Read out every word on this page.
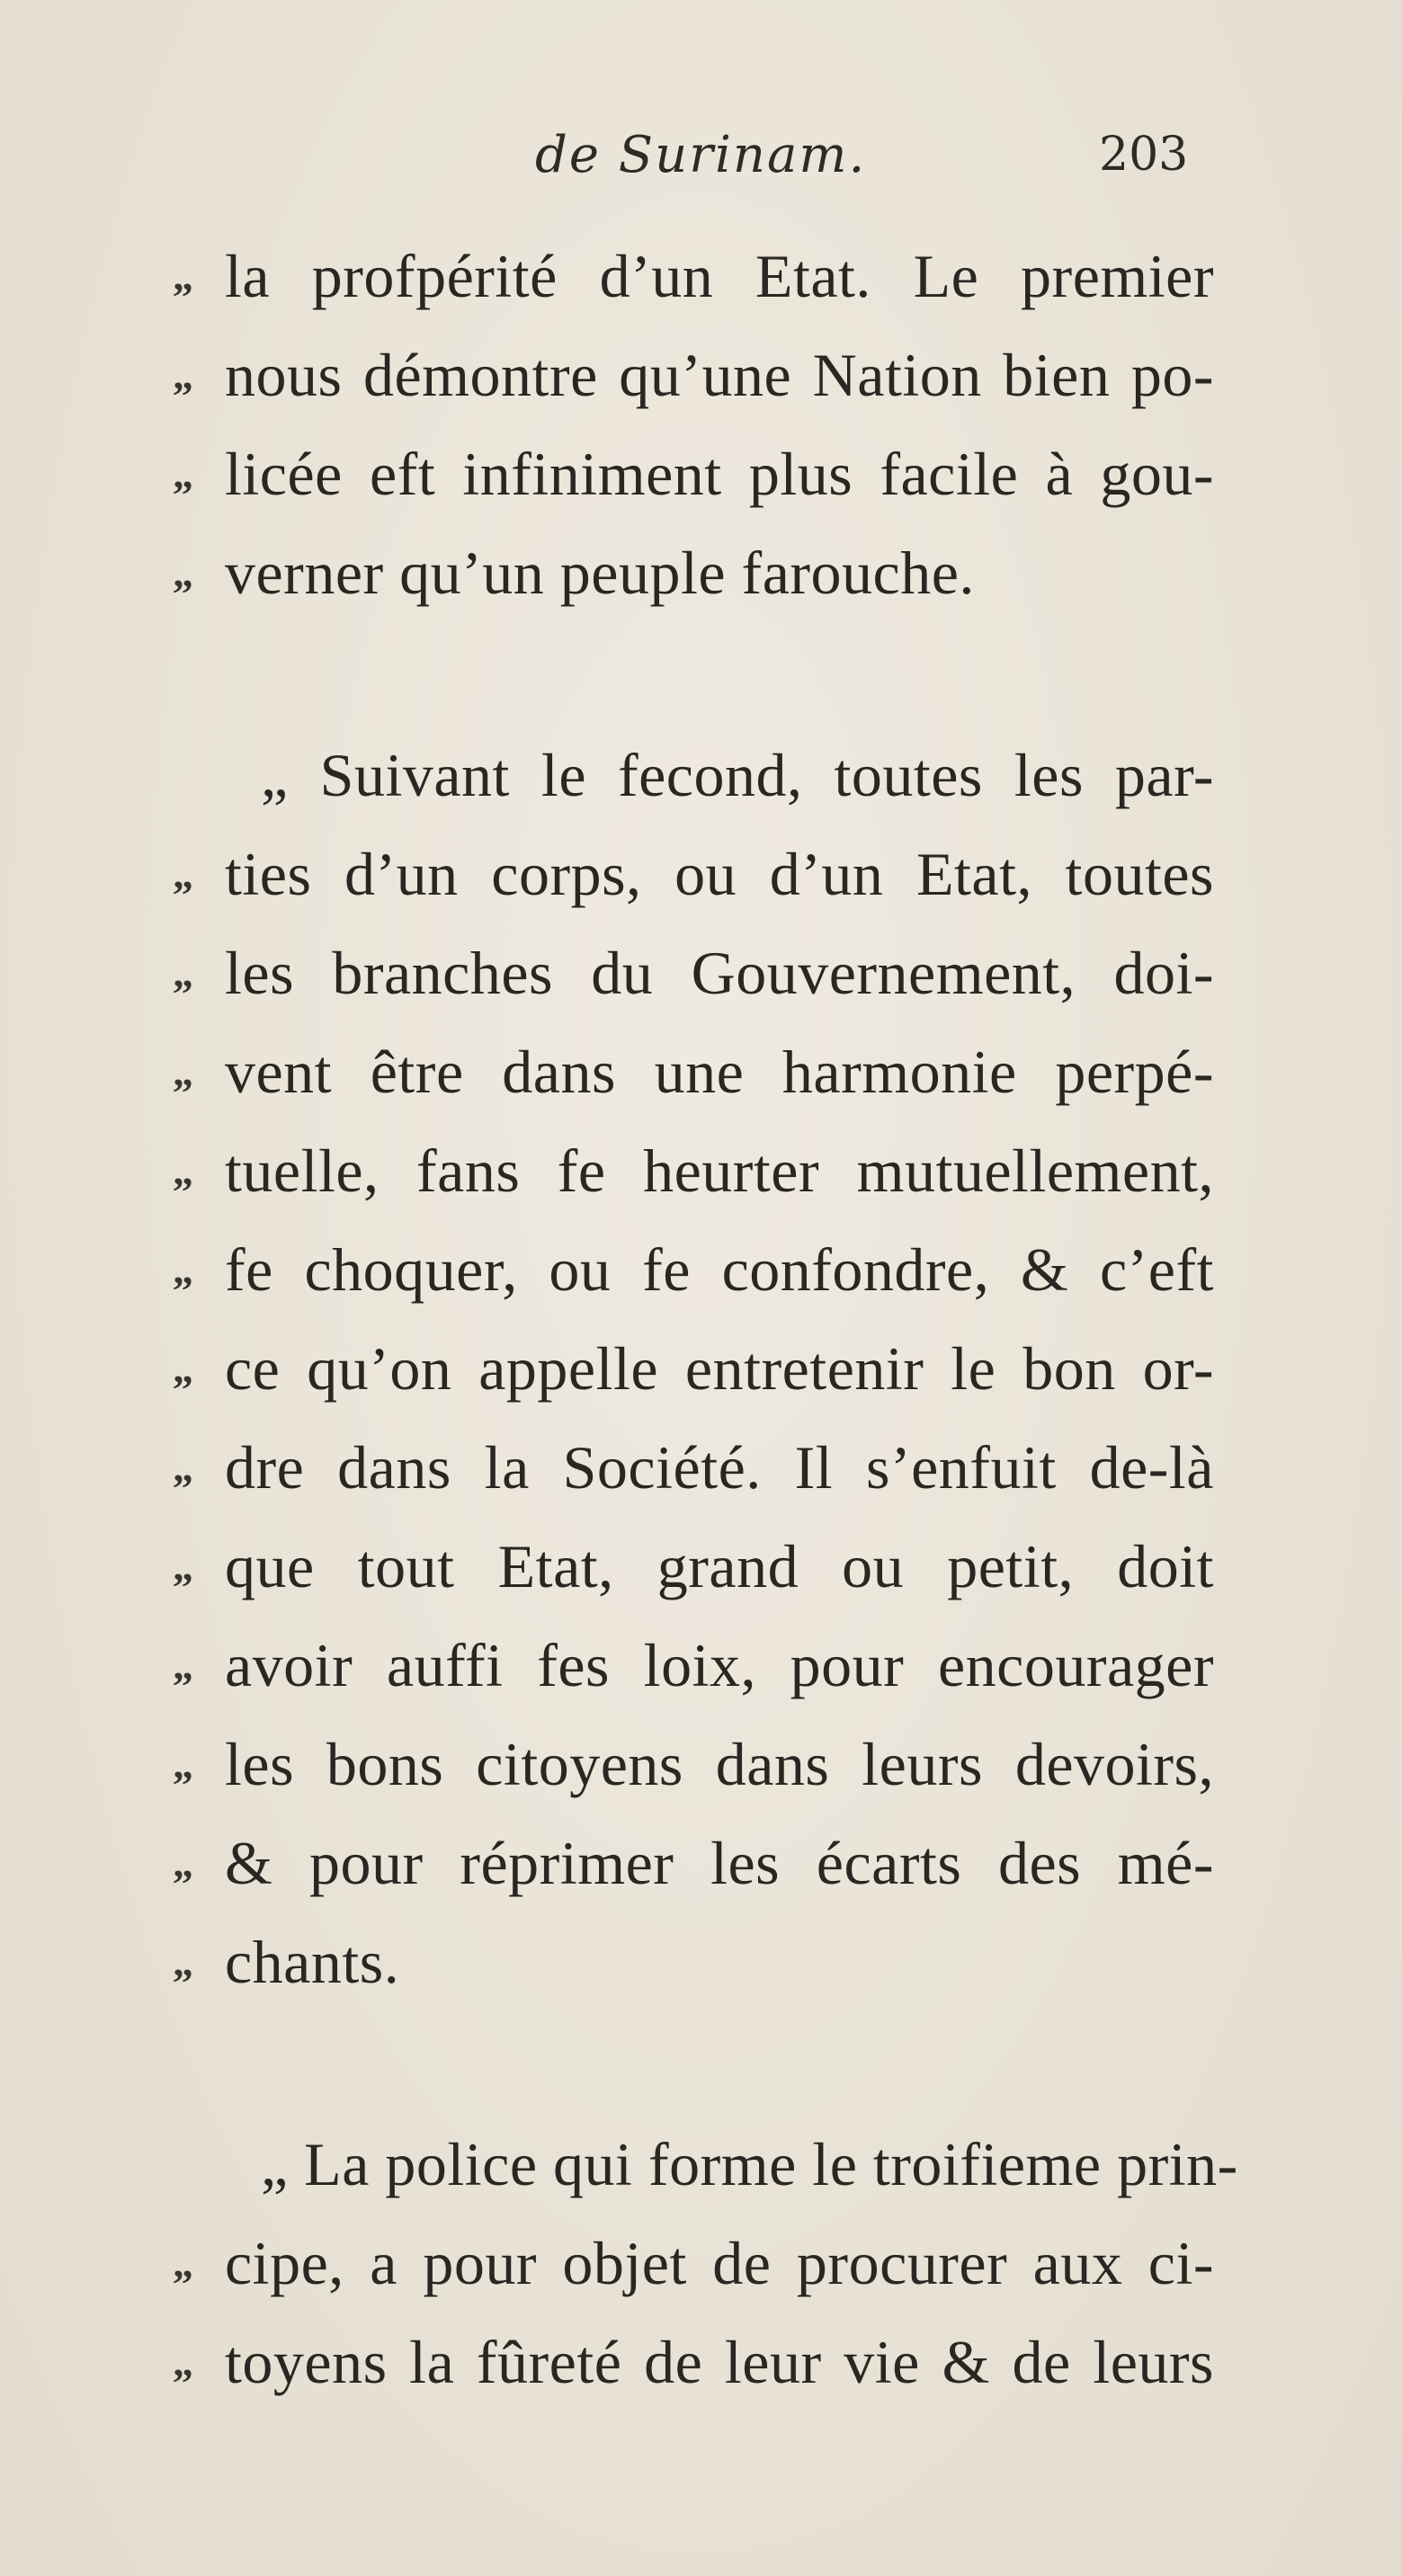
de Surinam.	203
„ la profpérité d’un Etat. Le premier
„ nous démontre qu’une Nation bien po-
„ licée eft infiniment plus facile à gou-
„ verner qu’un peuple farouche.
„ Suivant le fecond, toutes les par-
„ ties d’un corps, ou d’un Etat, toutes
„ les branches du Gouvernement, doi-
„ vent être dans une harmonie perpé-
„ tuelle, fans fe heurter mutuellement,
„ fe choquer, ou fe confondre, & c’eft
„ ce qu’on appelle entretenir le bon or-
„ dre dans la Société. Il s’enfuit de-là
„ que tout Etat, grand ou petit, doit
„ avoir auffi fes loix, pour encourager
„ les bons citoyens dans leurs devoirs,
„ & pour réprimer les écarts des mé-
„ chants.
„ La police qui forme le troifieme prin-
„ cipe, a pour objet de procurer aux ci-
„ toyens la fûreté de leur vie & de leurs
